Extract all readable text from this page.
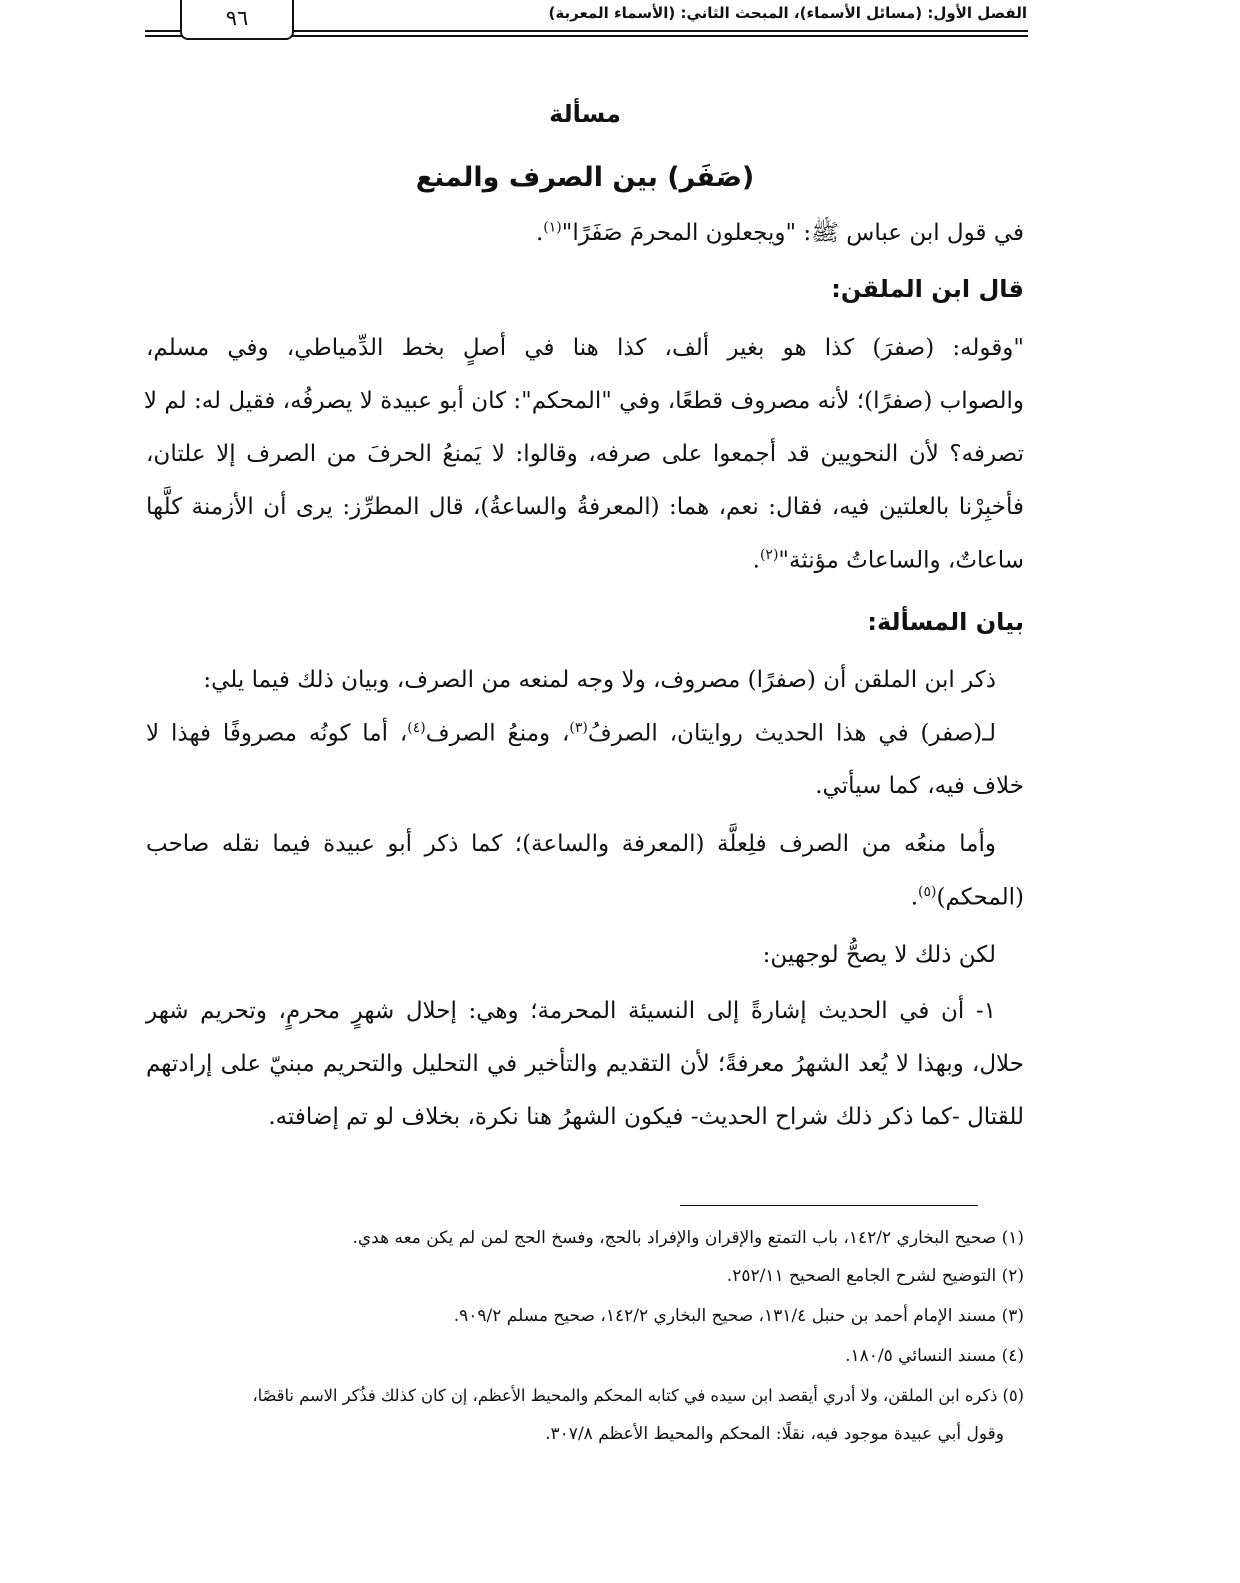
٩٦	الفصل الأول: (مسائل الأسماء)، المبحث الثاني: (الأسماء المعربة)

مسألة

(صَفَر) بين الصرف والمنع

في قول ابن عباس ﷺ: "ويجعلون المحرمَ صَفَرًا"$^{(١)}$.

قال ابن الملقن:

"وقوله: (صفرَ) كذا هو بغير ألف، كذا هنا في أصلٍ بخط الدِّمياطي، وفي مسلم،

والصواب (صفرًا)؛ لأنه مصروف قطعًا، وفي "المحكم": كان أبو عبيدة لا يصرفُه، فقيل له: لم لا

تصرفه؟ لأن النحويين قد أجمعوا على صرفه، وقالوا: لا يَمنعُ الحرفَ من الصرف إلا علتان،

فأخبِرْنا بالعلتين فيه، فقال: نعم، هما: (المعرفةُ والساعةُ)، قال المطرِّز: يرى أن الأزمنة كلَّها

ساعاتٌ، والساعاتُ مؤنثة"$^{(٢)}$.

بيان المسألة:

ذكر ابن الملقن أن (صفرًا) مصروف، ولا وجه لمنعه من الصرف، وبيان ذلك فيما يلي:

لـ(صفر) في هذا الحديث روايتان، الصرفُ$^{(٣)}$، ومنعُ الصرف$^{(٤)}$، أما كونُه مصروفًا فهذا لا

خلاف فيه، كما سيأتي.

وأما منعُه من الصرف فلِعلَّة (المعرفة والساعة)؛ كما ذكر أبو عبيدة فيما نقله صاحب

(المحكم)$^{(٥)}$.

لكن ذلك لا يصحُّ لوجهين:

١- أن في الحديث إشارةً إلى النسيئة المحرمة؛ وهي: إحلال شهرٍ محرمٍ، وتحريم شهر

حلال، وبهذا لا يُعد الشهرُ معرفةً؛ لأن التقديم والتأخير في التحليل والتحريم مبنيّ على إرادتهم

للقتال -كما ذكر ذلك شراح الحديث- فيكون الشهرُ هنا نكرة، بخلاف لو تم إضافته.

(١) صحيح البخاري ١٤٢/٢، باب التمتع والإقران والإفراد بالحج، وفسخ الحج لمن لم يكن معه هدي.

(٢) التوضيح لشرح الجامع الصحيح ٢٥٢/١١.

(٣) مسند الإمام أحمد بن حنبل ١٣١/٤، صحيح البخاري ١٤٢/٢، صحيح مسلم ٩٠٩/٢.

(٤) مسند النسائي ١٨٠/٥.

(٥) ذكره ابن الملقن، ولا أدري أيقصد ابن سيده في كتابه المحكم والمحيط الأعظم، إن كان كذلك فذُكر الاسم ناقصًا،

وقول أبي عبيدة موجود فيه، نقلًا: المحكم والمحيط الأعظم ٣٠٧/٨.
